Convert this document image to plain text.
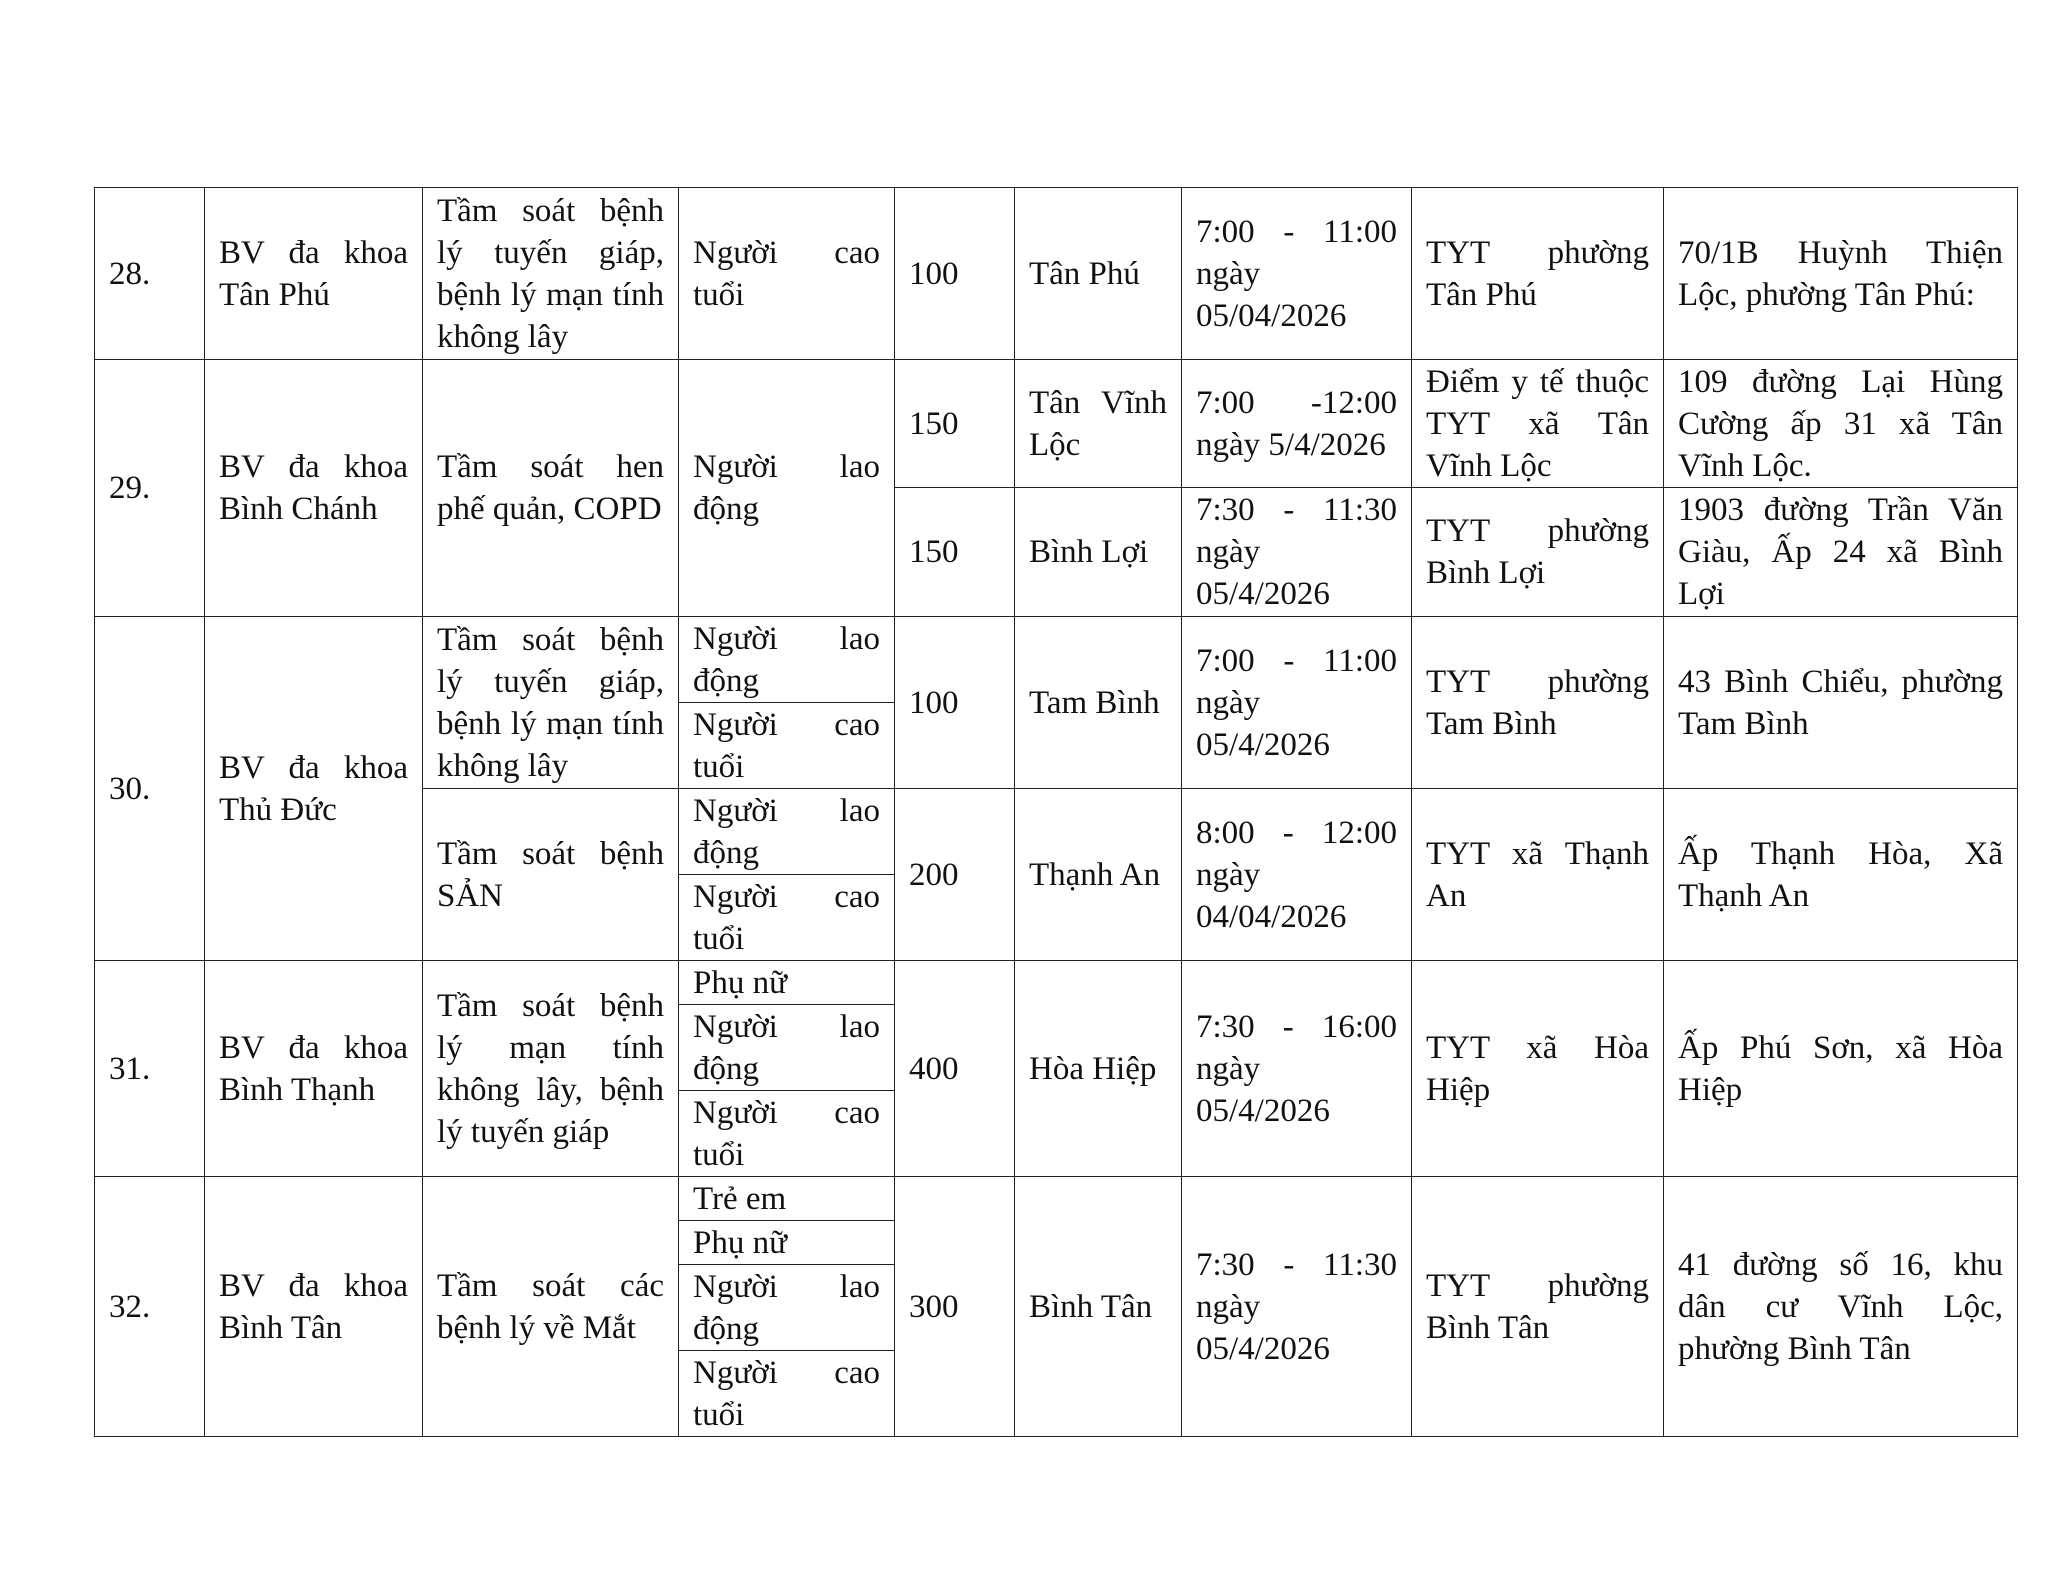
28.	BV đa khoa Tân Phú	Tầm soát bệnh lý tuyến giáp, bệnh lý mạn tính không lây	Người cao tuổi	100	Tân Phú	7:00 - 11:00 ngày 05/04/2026	TYT phường Tân Phú	70/1B Huỳnh Thiện Lộc, phường Tân Phú:
29.	BV đa khoa Bình Chánh	Tầm soát hen phế quản, COPD	Người lao động	150	Tân Vĩnh Lộc	7:00 -12:00 ngày 5/4/2026	Điểm y tế thuộc TYT xã Tân Vĩnh Lộc	109 đường Lại Hùng Cường ấp 31 xã Tân Vĩnh Lộc.
				150	Bình Lợi	7:30 - 11:30 ngày 05/4/2026	TYT phường Bình Lợi	1903 đường Trần Văn Giàu, Ấp 24 xã Bình Lợi
30.	BV đa khoa Thủ Đức	Tầm soát bệnh lý tuyến giáp, bệnh lý mạn tính không lây	Người lao động	100	Tam Bình	7:00 - 11:00 ngày 05/4/2026	TYT phường Tam Bình	43 Bình Chiểu, phường Tam Bình
			Người cao tuổi					
		Tầm soát bệnh SẢN	Người lao động	200	Thạnh An	8:00 - 12:00 ngày 04/04/2026	TYT xã Thạnh An	Ấp Thạnh Hòa, Xã Thạnh An
			Người cao tuổi					
31.	BV đa khoa Bình Thạnh	Tầm soát bệnh lý mạn tính không lây, bệnh lý tuyến giáp	Phụ nữ	400	Hòa Hiệp	7:30 - 16:00 ngày 05/4/2026	TYT xã Hòa Hiệp	Ấp Phú Sơn, xã Hòa Hiệp
			Người lao động					
			Người cao tuổi					
32.	BV đa khoa Bình Tân	Tầm soát các bệnh lý về Mắt	Trẻ em	300	Bình Tân	7:30 - 11:30 ngày 05/4/2026	TYT phường Bình Tân	41 đường số 16, khu dân cư Vĩnh Lộc, phường Bình Tân
			Phụ nữ					
			Người lao động					
			Người cao tuổi					
